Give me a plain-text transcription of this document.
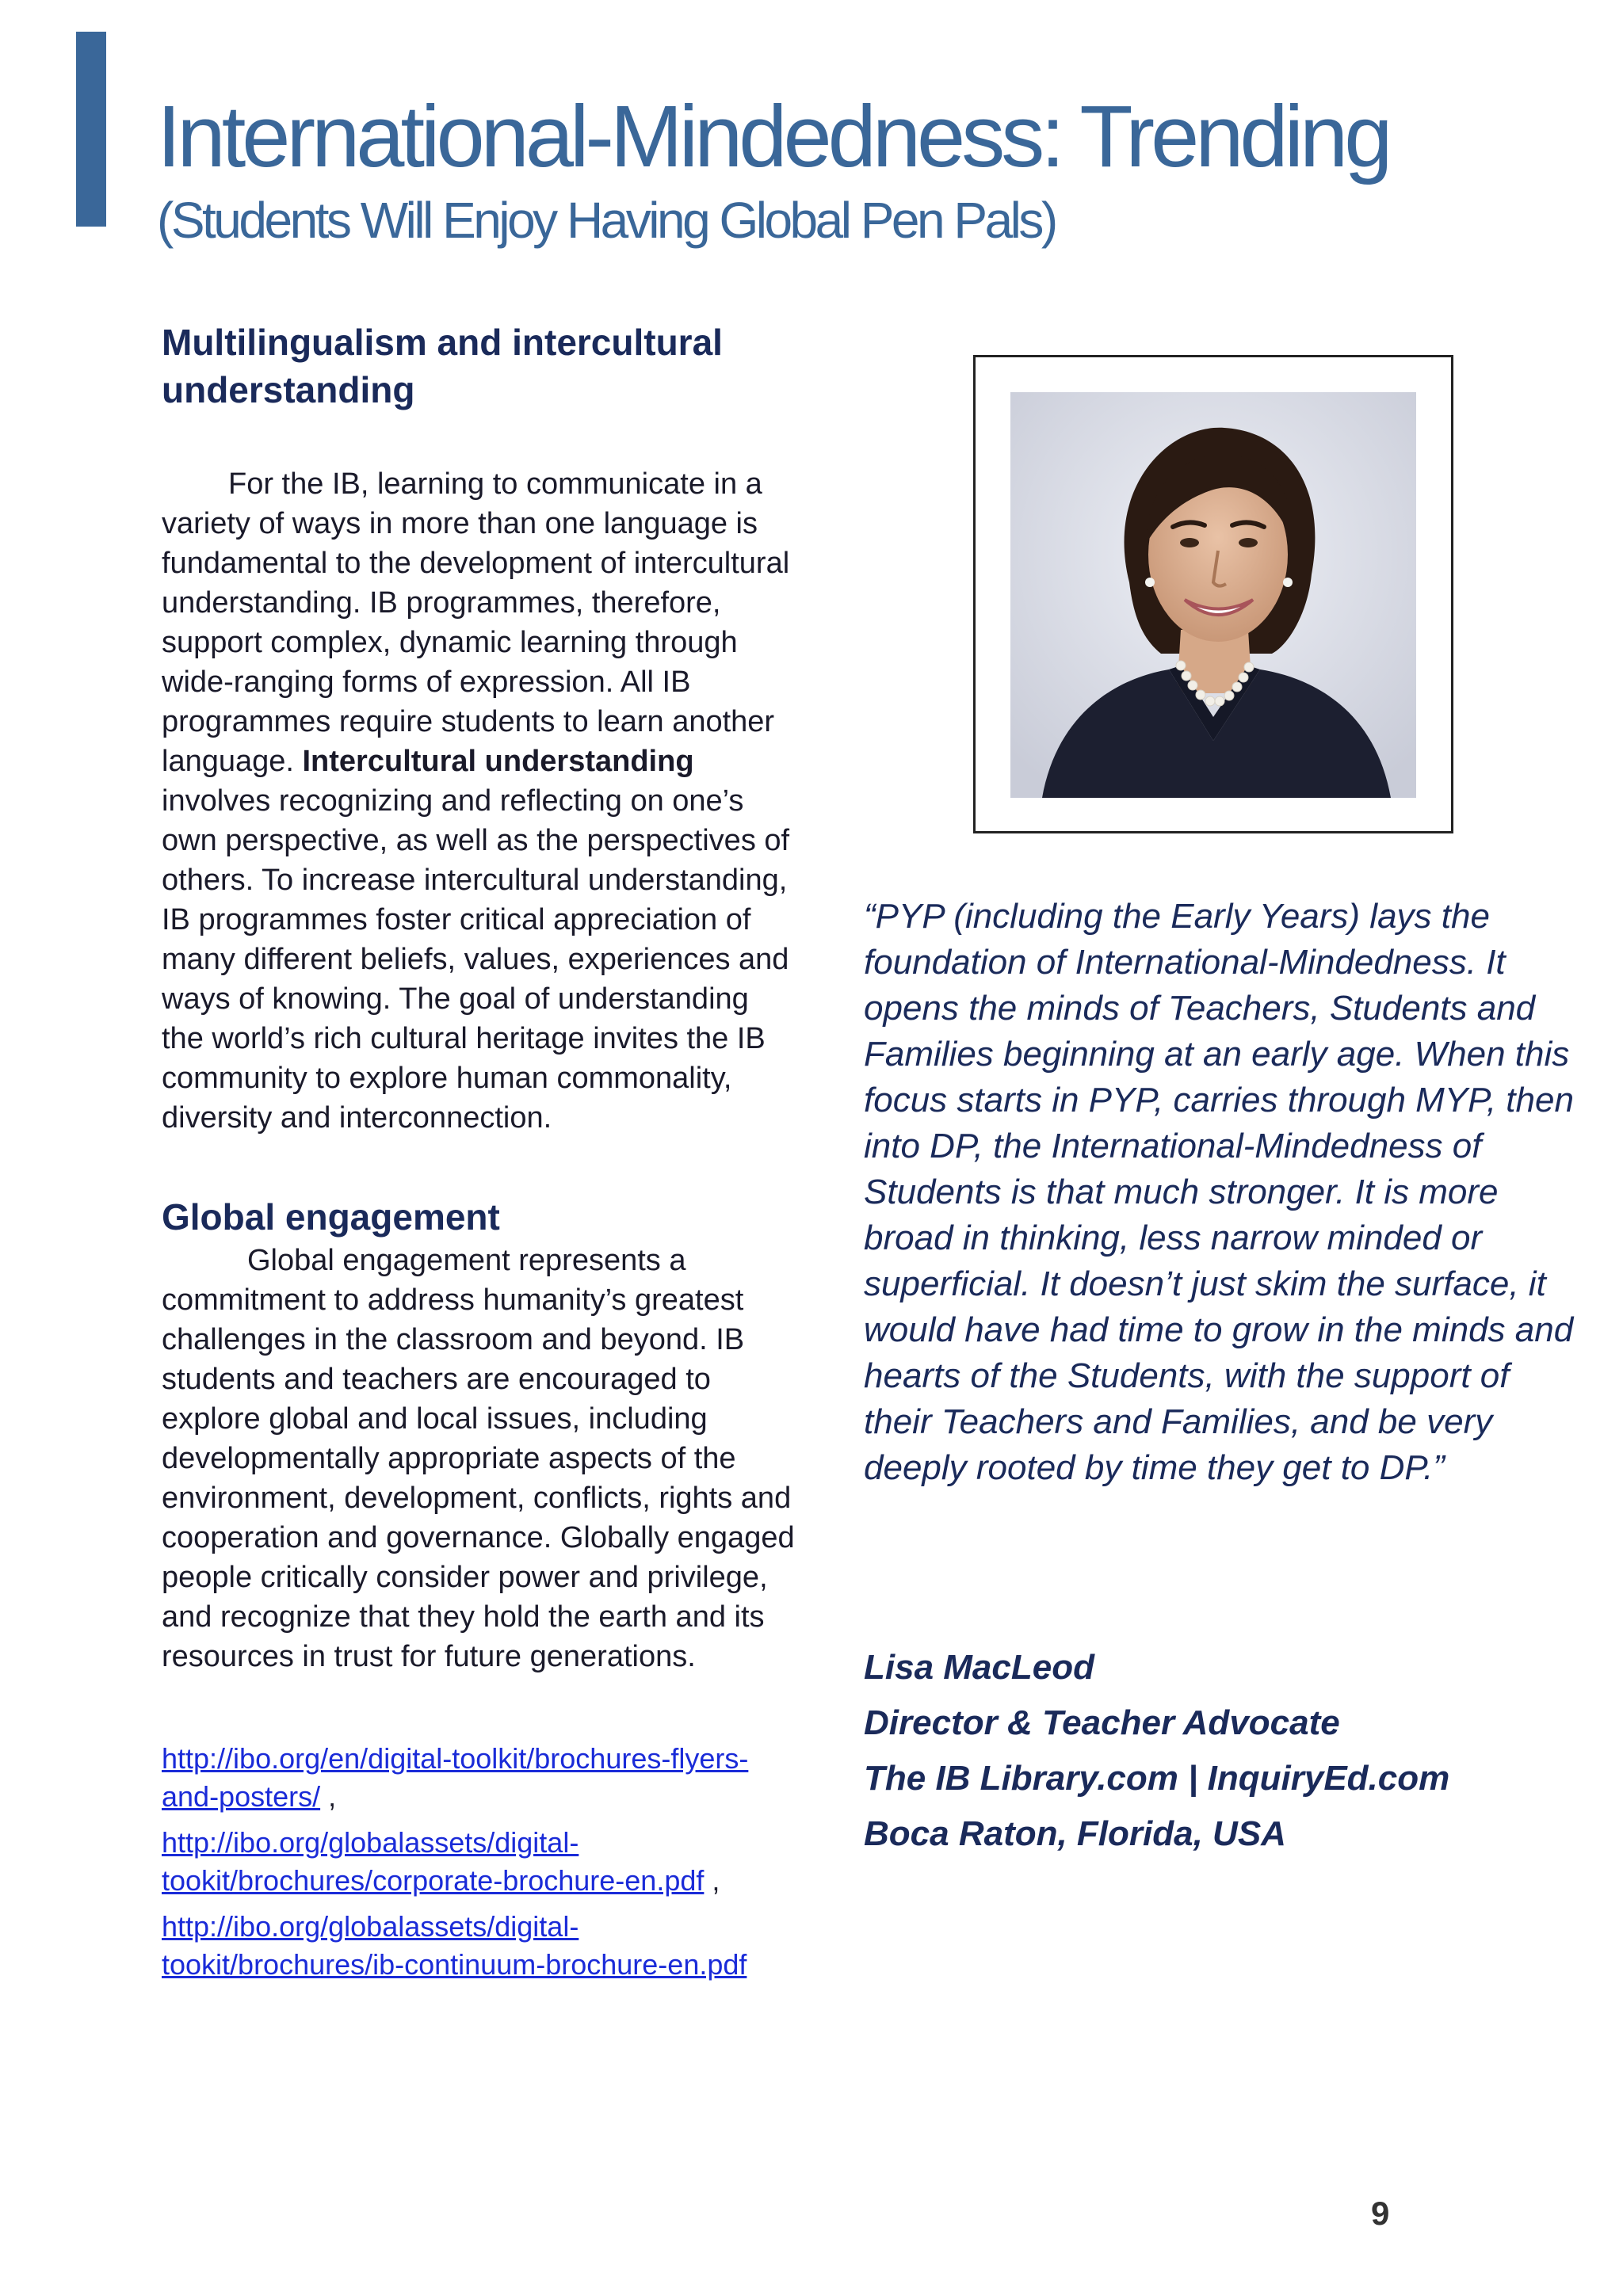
International-Mindedness: Trending
(Students Will Enjoy Having Global Pen Pals)
Multilingualism and intercultural understanding

For the IB, learning to communicate in a variety of ways in more than one language is fundamental to the development of intercultural understanding. IB programmes, therefore, support complex, dynamic learning through wide-ranging forms of expression. All IB programmes require students to learn another language. Intercultural understanding involves recognizing and reflecting on one’s own perspective, as well as the perspectives of others. To increase intercultural understanding, IB programmes foster critical appreciation of many different beliefs, values, experiences and ways of knowing. The goal of understanding the world’s rich cultural heritage invites the IB community to explore human commonality, diversity and interconnection.

Global engagement

Global engagement represents a commitment to address humanity’s greatest challenges in the classroom and beyond. IB students and teachers are encouraged to explore global and local issues, including developmentally appropriate aspects of the environment, development, conflicts, rights and cooperation and governance. Globally engaged people critically consider power and privilege, and recognize that they hold the earth and its resources in trust for future generations.

http://ibo.org/en/digital-toolkit/brochures-flyers-and-posters/ ,
http://ibo.org/globalassets/digital-tookit/brochures/corporate-brochure-en.pdf ,
http://ibo.org/globalassets/digital-tookit/brochures/ib-continuum-brochure-en.pdf

“PYP (including the Early Years) lays the foundation of International-Mindedness. It opens the minds of Teachers, Students and Families beginning at an early age. When this focus starts in PYP, carries through MYP, then into DP, the International-Mindedness of Students is that much stronger. It is more broad in thinking, less narrow minded or superficial. It doesn’t just skim the surface, it would have had time to grow in the minds and hearts of the Students, with the support of their Teachers and Families, and be very deeply rooted by time they get to DP.”

Lisa MacLeod
Director & Teacher Advocate
The IB Library.com | InquiryEd.com
Boca Raton, Florida, USA
9
